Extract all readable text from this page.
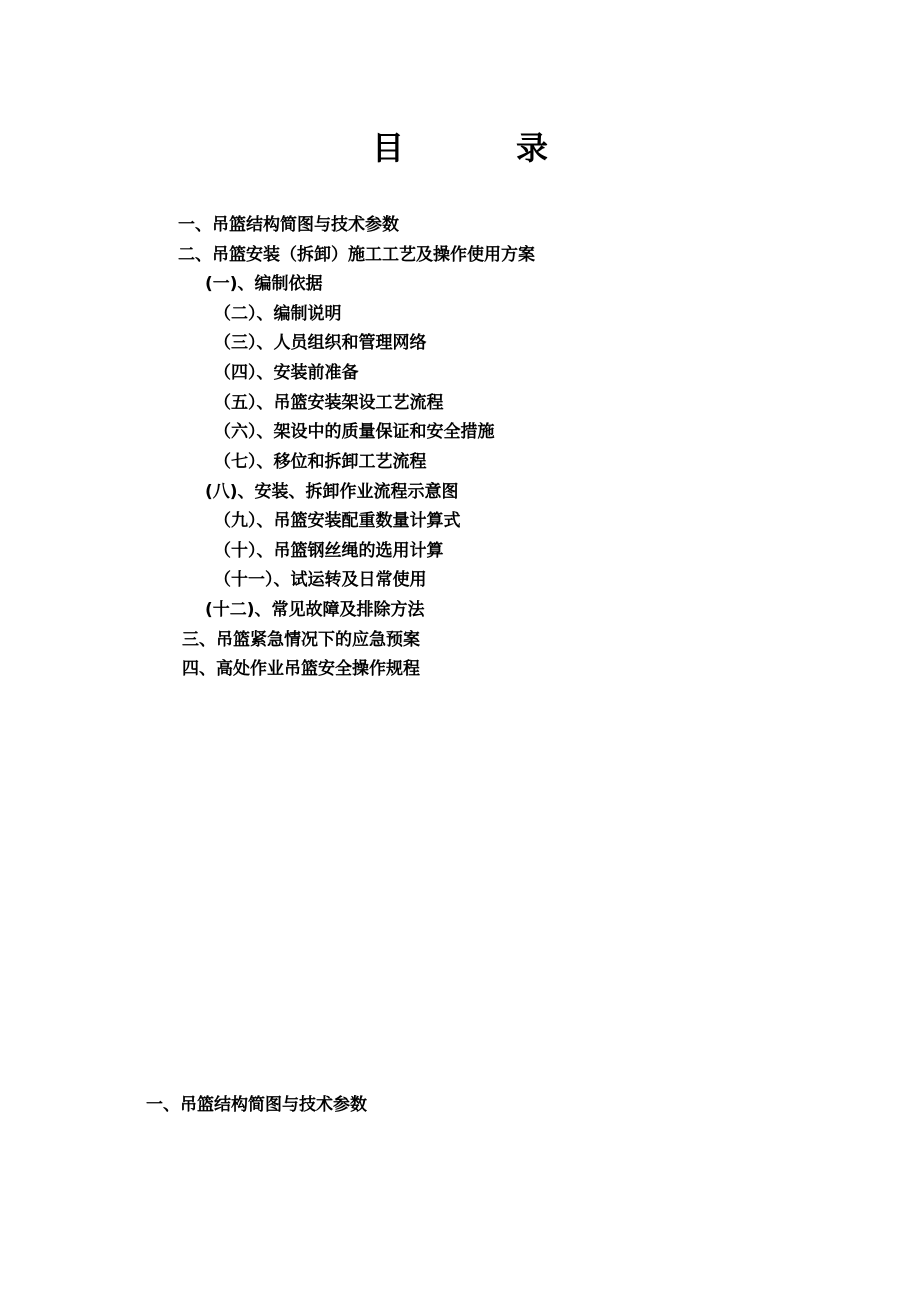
目　录
一、吊篮结构简图与技术参数
二、吊篮安装（拆卸）施工工艺及操作使用方案
(一)、编制依据
（二）、编制说明
（三）、人员组织和管理网络
（四）、安装前准备
（五）、吊篮安装架设工艺流程
（六）、架设中的质量保证和安全措施
（七）、移位和拆卸工艺流程
(八)、安装、拆卸作业流程示意图
（九）、吊篮安装配重数量计算式
（十）、吊篮钢丝绳的选用计算
（十一）、试运转及日常使用
(十二)、常见故障及排除方法
三、吊篮紧急情况下的应急预案
四、高处作业吊篮安全操作规程
一、吊篮结构简图与技术参数
